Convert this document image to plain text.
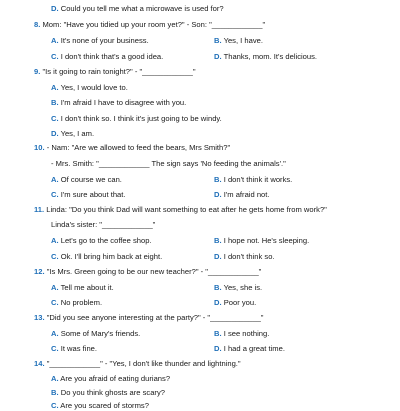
D. Could you tell me what a microwave is used for?
8. Mom: "Have you tidied up your room yet?" - Son: "____________"
A. It's none of your business.	B. Yes, I have.
C. I don't think that's a good idea.	D. Thanks, mom. It's delicious.
9. "Is it going to rain tonight?" - "____________"
A. Yes, I would love to.
B. I'm afraid I have to disagree with you.
C. I don't think so. I think it's just going to be windy.
D. Yes, I am.
10. - Nam: "Are we allowed to feed the bears, Mrs Smith?"
- Mrs. Smith: "____________ The sign says 'No feeding the animals'."
A. Of course we can.	B. I don't think it works.
C. I'm sure about that.	D. I'm afraid not.
11. Linda: "Do you think Dad will want something to eat after he gets home from work?"
Linda's sister: "____________"
A. Let's go to the coffee shop.	B. I hope not. He's sleeping.
C. Ok. I'll bring him back at eight.	D. I don't think so.
12. "Is Mrs. Green going to be our new teacher?" - "____________"
A. Tell me about it.	B. Yes, she is.
C. No problem.	D. Poor you.
13. "Did you see anyone interesting at the party?" - "____________"
A. Some of Mary's friends.	B. I see nothing.
C. It was fine.	D. I had a great time.
14. "____________" - "Yes, I don't like thunder and lightning."
A. Are you afraid of eating durians?
B. Do you think ghosts are scary?
C. Are you scared of storms?
